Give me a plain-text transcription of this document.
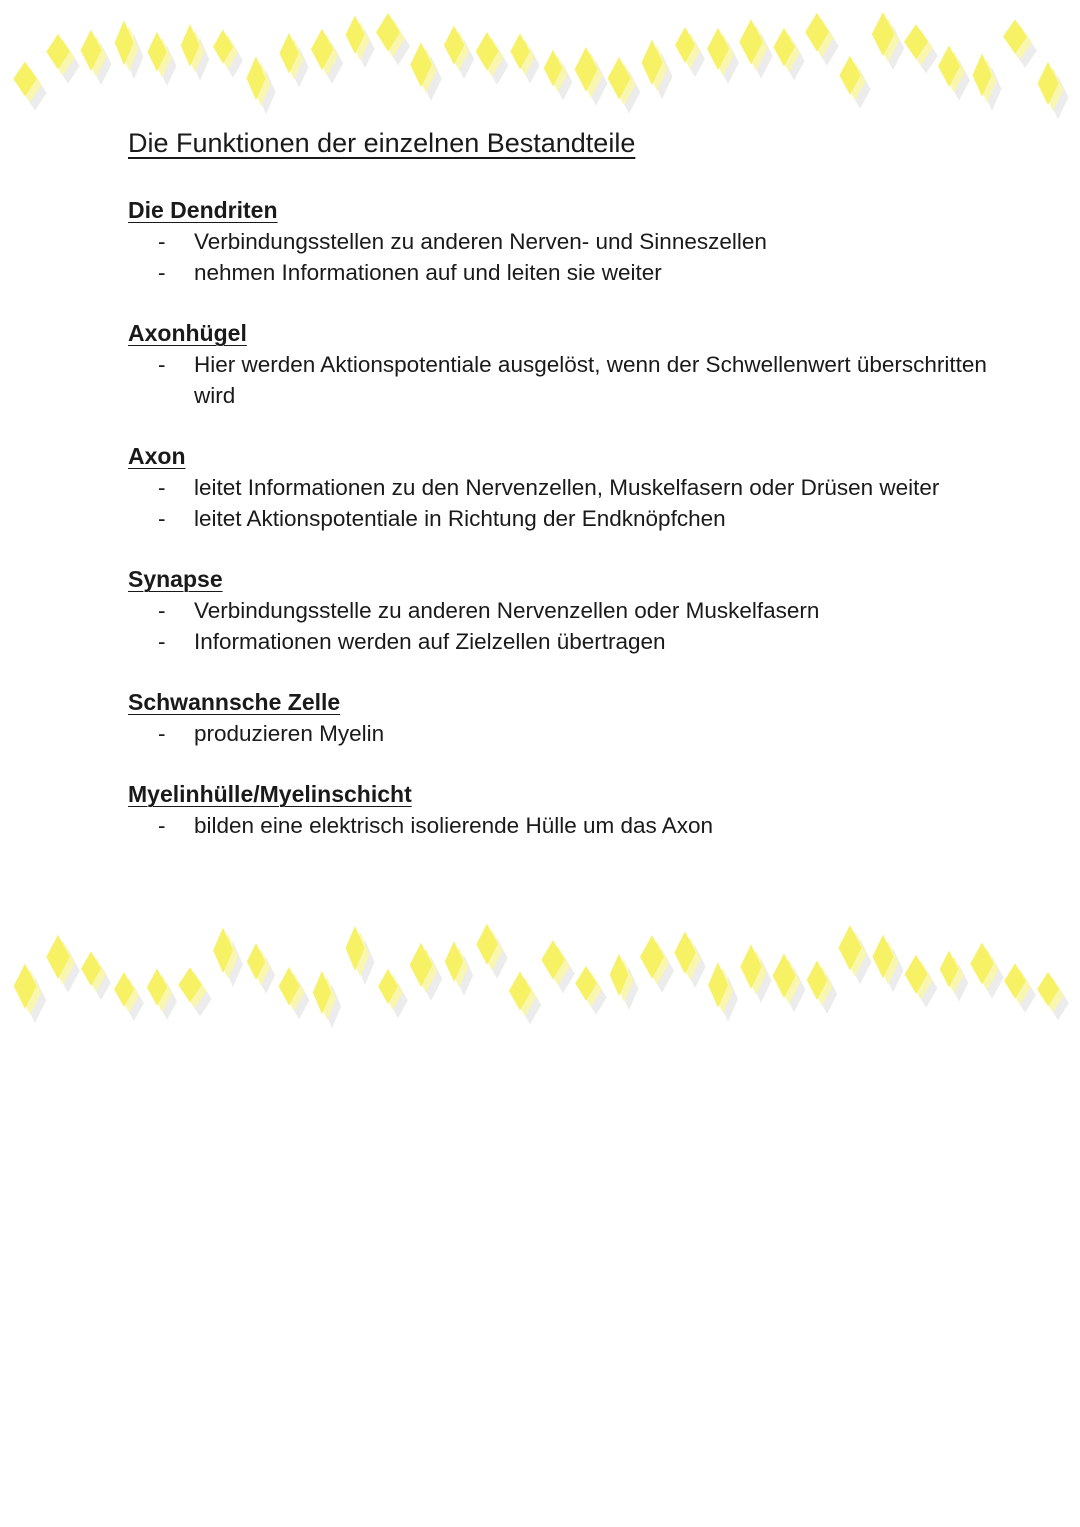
Die Funktionen der einzelnen Bestandteile
Die Dendriten
- Verbindungsstellen zu anderen Nerven- und Sinneszellen
- nehmen Informationen auf und leiten sie weiter
Axonhügel
- Hier werden Aktionspotentiale ausgelöst, wenn der Schwellenwert überschritten wird
Axon
- leitet Informationen zu den Nervenzellen, Muskelfasern oder Drüsen weiter
- leitet Aktionspotentiale in Richtung der Endknöpfchen
Synapse
- Verbindungsstelle zu anderen Nervenzellen oder Muskelfasern
- Informationen werden auf Zielzellen übertragen
Schwannsche Zelle
- produzieren Myelin
Myelinhülle/Myelinschicht
- bilden eine elektrisch isolierende Hülle um das Axon
